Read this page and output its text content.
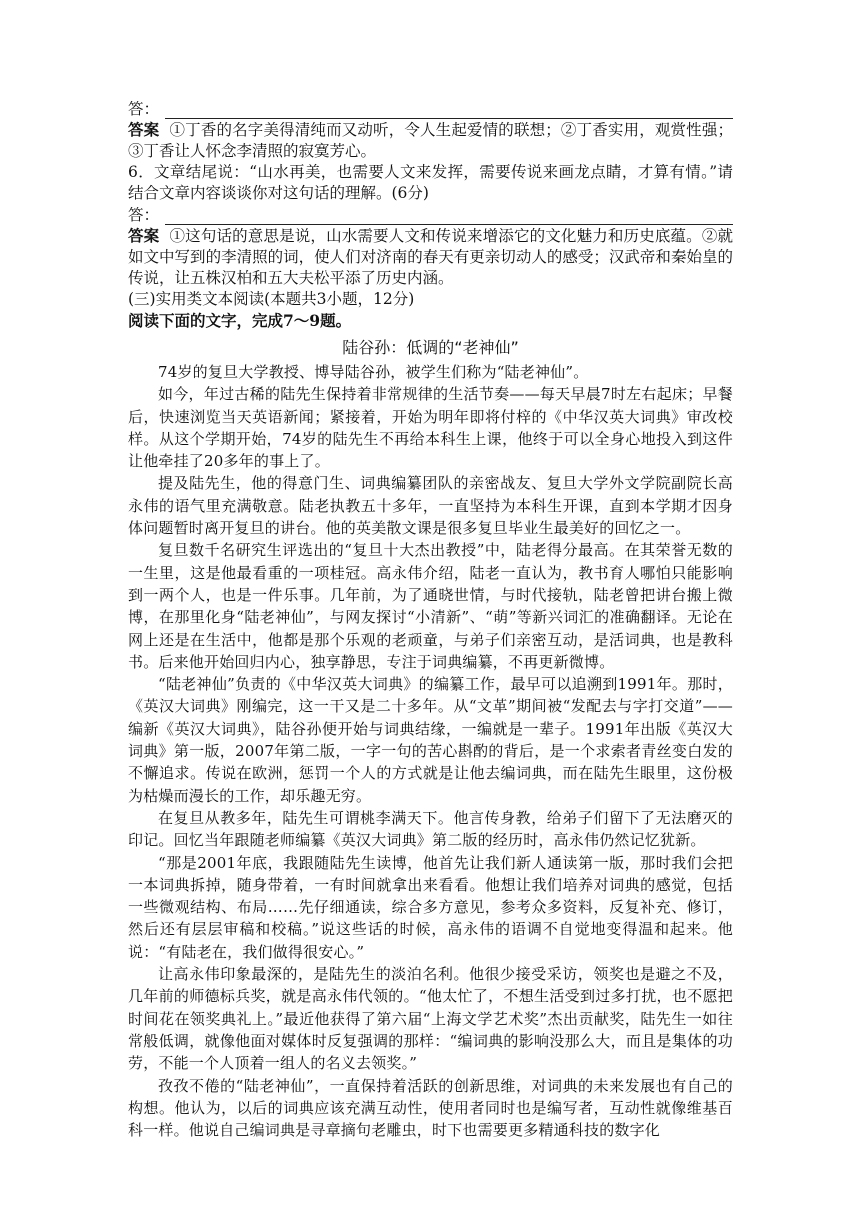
答：

答案 ①丁香的名字美得清纯而又动听，令人生起爱情的联想；②丁香实用，观赏性强；③丁香让人怀念李清照的寂寞芳心。

6．文章结尾说：“山水再美，也需要人文来发挥，需要传说来画龙点睛，才算有情。”请结合文章内容谈谈你对这句话的理解。(6分)

答：

答案 ①这句话的意思是说，山水需要人文和传说来增添它的文化魅力和历史底蕴。②就如文中写到的李清照的词，使人们对济南的春天有更亲切动人的感受；汉武帝和秦始皇的传说，让五株汉柏和五大夫松平添了历史内涵。

(三)实用类文本阅读(本题共3小题，12分)

阅读下面的文字，完成7～9题。

陆谷孙：低调的“老神仙”

74岁的复旦大学教授、博导陆谷孙，被学生们称为“陆老神仙”。

如今，年过古稀的陆先生保持着非常规律的生活节奏——每天早晨7时左右起床；早餐后，快速浏览当天英语新闻；紧接着，开始为明年即将付梓的《中华汉英大词典》审改校样。从这个学期开始，74岁的陆先生不再给本科生上课，他终于可以全身心地投入到这件让他牵挂了20多年的事上了。

提及陆先生，他的得意门生、词典编纂团队的亲密战友、复旦大学外文学院副院长高永伟的语气里充满敬意。陆老执教五十多年，一直坚持为本科生开课，直到本学期才因身体问题暂时离开复旦的讲台。他的英美散文课是很多复旦毕业生最美好的回忆之一。

复旦数千名研究生评选出的“复旦十大杰出教授”中，陆老得分最高。在其荣誉无数的一生里，这是他最看重的一项桂冠。高永伟介绍，陆老一直认为，教书育人哪怕只能影响到一两个人，也是一件乐事。几年前，为了通晓世情，与时代接轨，陆老曾把讲台搬上微博，在那里化身“陆老神仙”，与网友探讨“小清新”、“萌”等新兴词汇的准确翻译。无论在网上还是在生活中，他都是那个乐观的老顽童，与弟子们亲密互动，是活词典，也是教科书。后来他开始回归内心，独享静思，专注于词典编纂，不再更新微博。

“陆老神仙”负责的《中华汉英大词典》的编纂工作，最早可以追溯到1991年。那时，《英汉大词典》刚编完，这一干又是二十多年。从“文革”期间被“发配去与字打交道”——编新《英汉大词典》，陆谷孙便开始与词典结缘，一编就是一辈子。1991年出版《英汉大词典》第一版，2007年第二版，一字一句的苦心斟酌的背后，是一个求索者青丝变白发的不懈追求。传说在欧洲，惩罚一个人的方式就是让他去编词典，而在陆先生眼里，这份极为枯燥而漫长的工作，却乐趣无穷。

在复旦从教多年，陆先生可谓桃李满天下。他言传身教，给弟子们留下了无法磨灭的印记。回忆当年跟随老师编纂《英汉大词典》第二版的经历时，高永伟仍然记忆犹新。

“那是2001年底，我跟随陆先生读博，他首先让我们新人通读第一版，那时我们会把一本词典拆掉，随身带着，一有时间就拿出来看看。他想让我们培养对词典的感觉，包括一些微观结构、布局……先仔细通读，综合多方意见，参考众多资料，反复补充、修订，然后还有层层审稿和校稿。”说这些话的时候，高永伟的语调不自觉地变得温和起来。他说：“有陆老在，我们做得很安心。”

让高永伟印象最深的，是陆先生的淡泊名利。他很少接受采访，领奖也是避之不及，几年前的师德标兵奖，就是高永伟代领的。“他太忙了，不想生活受到过多打扰，也不愿把时间花在领奖典礼上。”最近他获得了第六届“上海文学艺术奖”杰出贡献奖，陆先生一如往常般低调，就像他面对媒体时反复强调的那样：“编词典的影响没那么大，而且是集体的功劳，不能一个人顶着一组人的名义去领奖。”

孜孜不倦的“陆老神仙”，一直保持着活跃的创新思维，对词典的未来发展也有自己的构想。他认为，以后的词典应该充满互动性，使用者同时也是编写者，互动性就像维基百科一样。他说自己编词典是寻章摘句老雕虫，时下也需要更多精通科技的数字化
